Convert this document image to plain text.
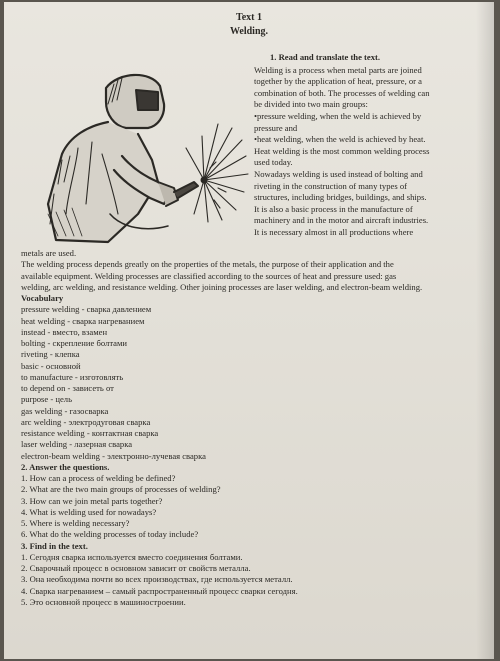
Text 1
Welding.
1. Read and translate the text.
Welding is a process when metal parts are joined
together by the application of heat, pressure, or a
combination of both. The processes of welding can
be divided into two main groups:
•pressure welding, when the weld is achieved by
pressure and
•heat welding, when the weld is achieved by heat.
Heat welding is the most common welding process
used today.
Nowadays welding is used instead of bolting and
riveting in the construction of many types of
structures, including bridges, buildings, and ships.
It is also a basic process in the manufacture of
machinery and in the motor and aircraft industries.
It is necessary almost in all productions where
metals are used.
The welding process depends greatly on the properties of the metals, the purpose of their application and the
available equipment. Welding processes are classified according to the sources of heat and pressure used: gas
welding, arc welding, and resistance welding. Other joining processes are laser welding, and electron-beam welding.
Vocabulary
pressure welding - сварка давлением
heat welding - сварка нагреванием
instead - вместо, взамен
bolting - скрепление болтами
riveting - клепка
basic - основной
to manufacture - изготовлять
to depend on - зависеть от
purpose - цель
gas welding - газосварка
arc welding - электродуговая сварка
resistance welding - контактная сварка
laser welding - лазерная сварка
electron-beam welding - электронно-лучевая сварка
2. Answer the questions.
1. How can a process of welding be defined?
2. What are the two main groups of processes of welding?
3. How can we join metal parts together?
4. What is welding used for nowadays?
5. Where is welding necessary?
6. What do the welding processes of today include?
3. Find in the text.
1. Сегодня сварка используется вместо соединения болтами.
2. Сварочный процесс в основном зависит от свойств металла.
3. Она необходима почти во всех производствах, где используется металл.
4. Сварка нагреванием – самый распространенный процесс сварки сегодня.
5. Это основной процесс в машиностроении.
